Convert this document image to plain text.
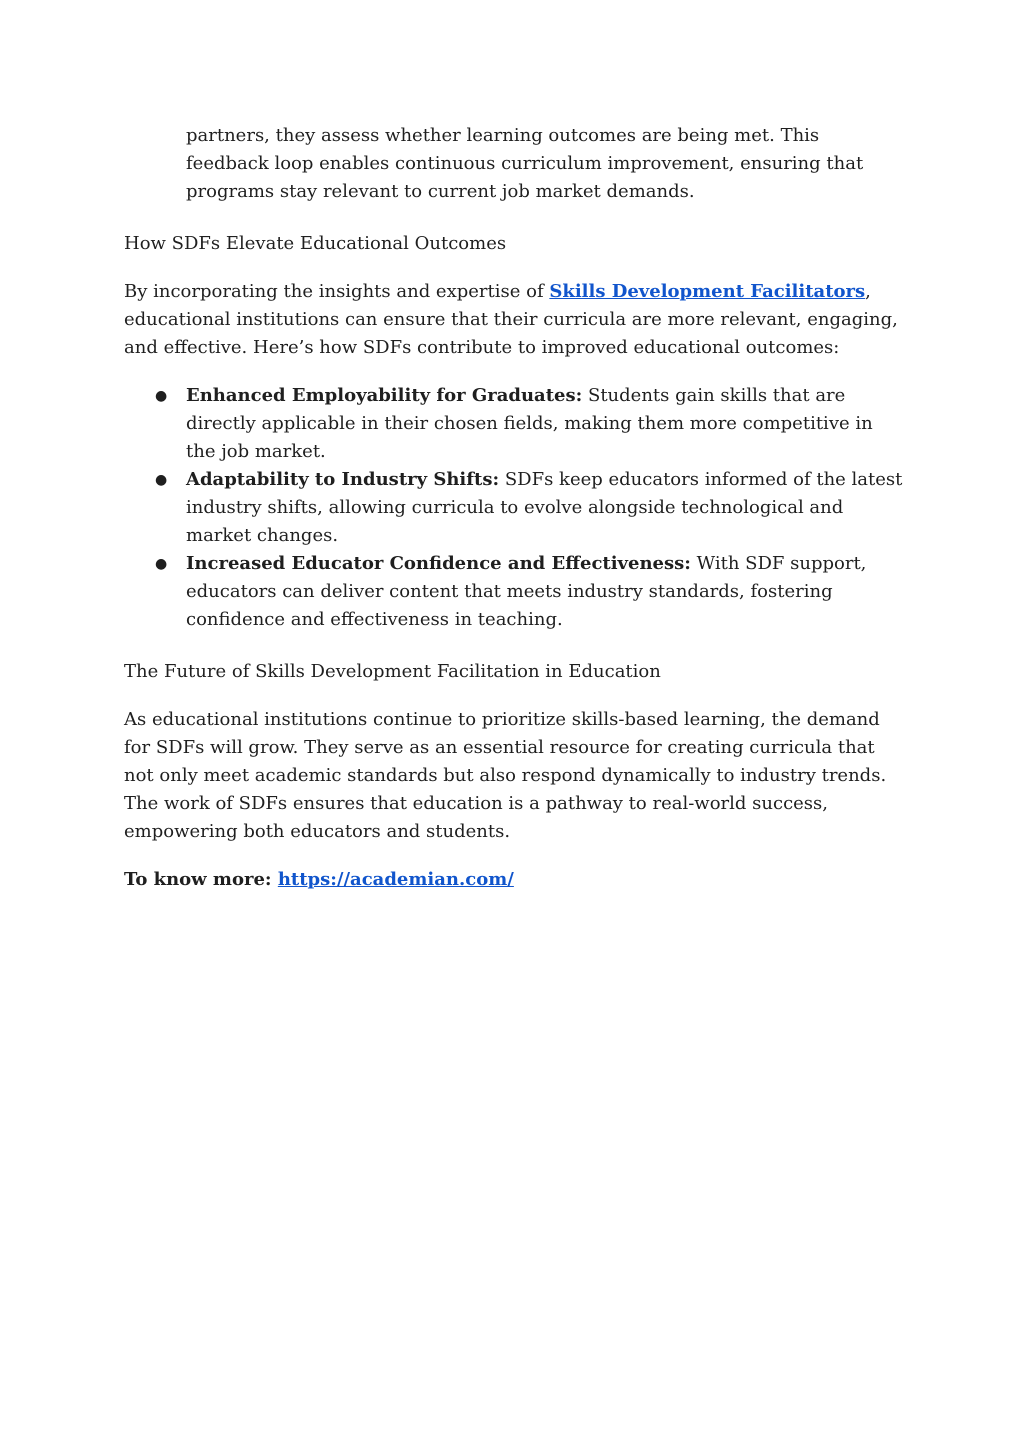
partners, they assess whether learning outcomes are being met. This feedback loop enables continuous curriculum improvement, ensuring that programs stay relevant to current job market demands.

How SDFs Elevate Educational Outcomes

By incorporating the insights and expertise of Skills Development Facilitators, educational institutions can ensure that their curricula are more relevant, engaging, and effective. Here’s how SDFs contribute to improved educational outcomes:

● Enhanced Employability for Graduates: Students gain skills that are directly applicable in their chosen fields, making them more competitive in the job market.
● Adaptability to Industry Shifts: SDFs keep educators informed of the latest industry shifts, allowing curricula to evolve alongside technological and market changes.
● Increased Educator Confidence and Effectiveness: With SDF support, educators can deliver content that meets industry standards, fostering confidence and effectiveness in teaching.

The Future of Skills Development Facilitation in Education

As educational institutions continue to prioritize skills-based learning, the demand for SDFs will grow. They serve as an essential resource for creating curricula that not only meet academic standards but also respond dynamically to industry trends. The work of SDFs ensures that education is a pathway to real-world success, empowering both educators and students.

To know more: https://academian.com/
